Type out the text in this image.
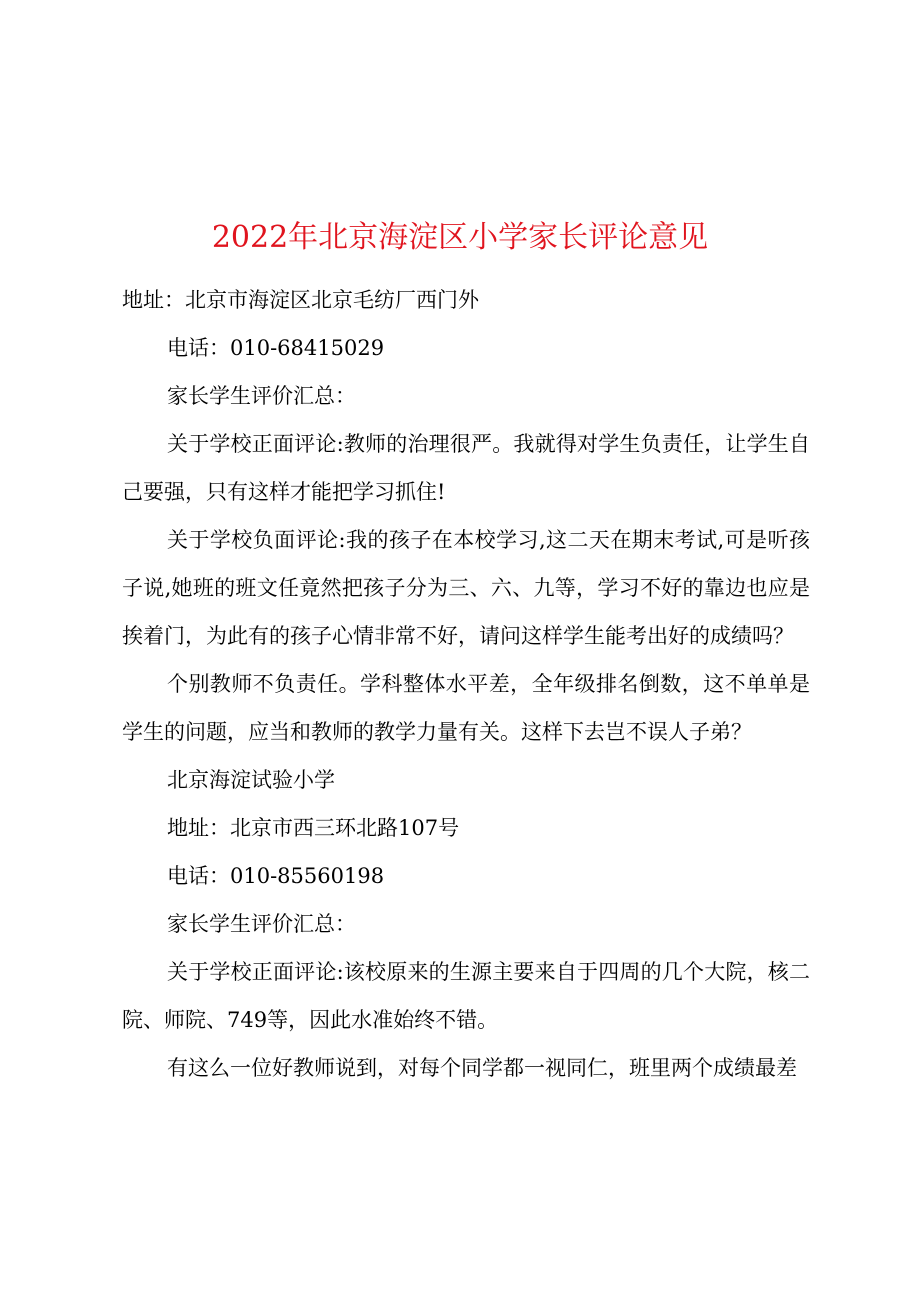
2022年北京海淀区小学家长评论意见

地址：北京市海淀区北京毛纺厂西门外

电话：010-68415029

家长学生评价汇总：

关于学校正面评论:教师的治理很严。我就得对学生负责任，让学生自己要强，只有这样才能把学习抓住!

关于学校负面评论:我的孩子在本校学习,这二天在期末考试,可是听孩子说,她班的班文任竟然把孩子分为三、六、九等，学习不好的靠边也应是挨着门，为此有的孩子心情非常不好，请问这样学生能考出好的成绩吗？

个别教师不负责任。学科整体水平差，全年级排名倒数，这不单单是学生的问题，应当和教师的教学力量有关。这样下去岂不误人子弟？

北京海淀试验小学

地址：北京市西三环北路107号

电话：010-85560198

家长学生评价汇总：

关于学校正面评论:该校原来的生源主要来自于四周的几个大院，核二院、师院、749等，因此水准始终不错。

有这么一位好教师说到，对每个同学都一视同仁，班里两个成绩最差
